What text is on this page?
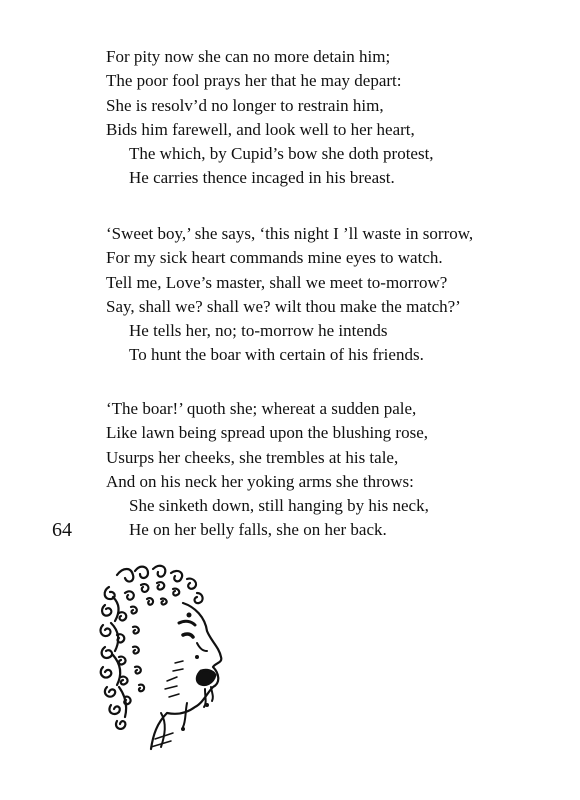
For pity now she can no more detain him;
The poor fool prays her that he may depart:
She is resolv’d no longer to restrain him,
Bids him farewell, and look well to her heart,
The which, by Cupid’s bow she doth protest,
He carries thence incaged in his breast.
‘Sweet boy,’ she says, ‘this night I ’ll waste in sorrow,
For my sick heart commands mine eyes to watch.
Tell me, Love’s master, shall we meet to-morrow?
Say, shall we? shall we? wilt thou make the match?’
He tells her, no; to-morrow he intends
To hunt the boar with certain of his friends.
‘The boar!’ quoth she; whereat a sudden pale,
Like lawn being spread upon the blushing rose,
Usurps her cheeks, she trembles at his tale,
And on his neck her yoking arms she throws:
She sinketh down, still hanging by his neck,
He on her belly falls, she on her back.
64
